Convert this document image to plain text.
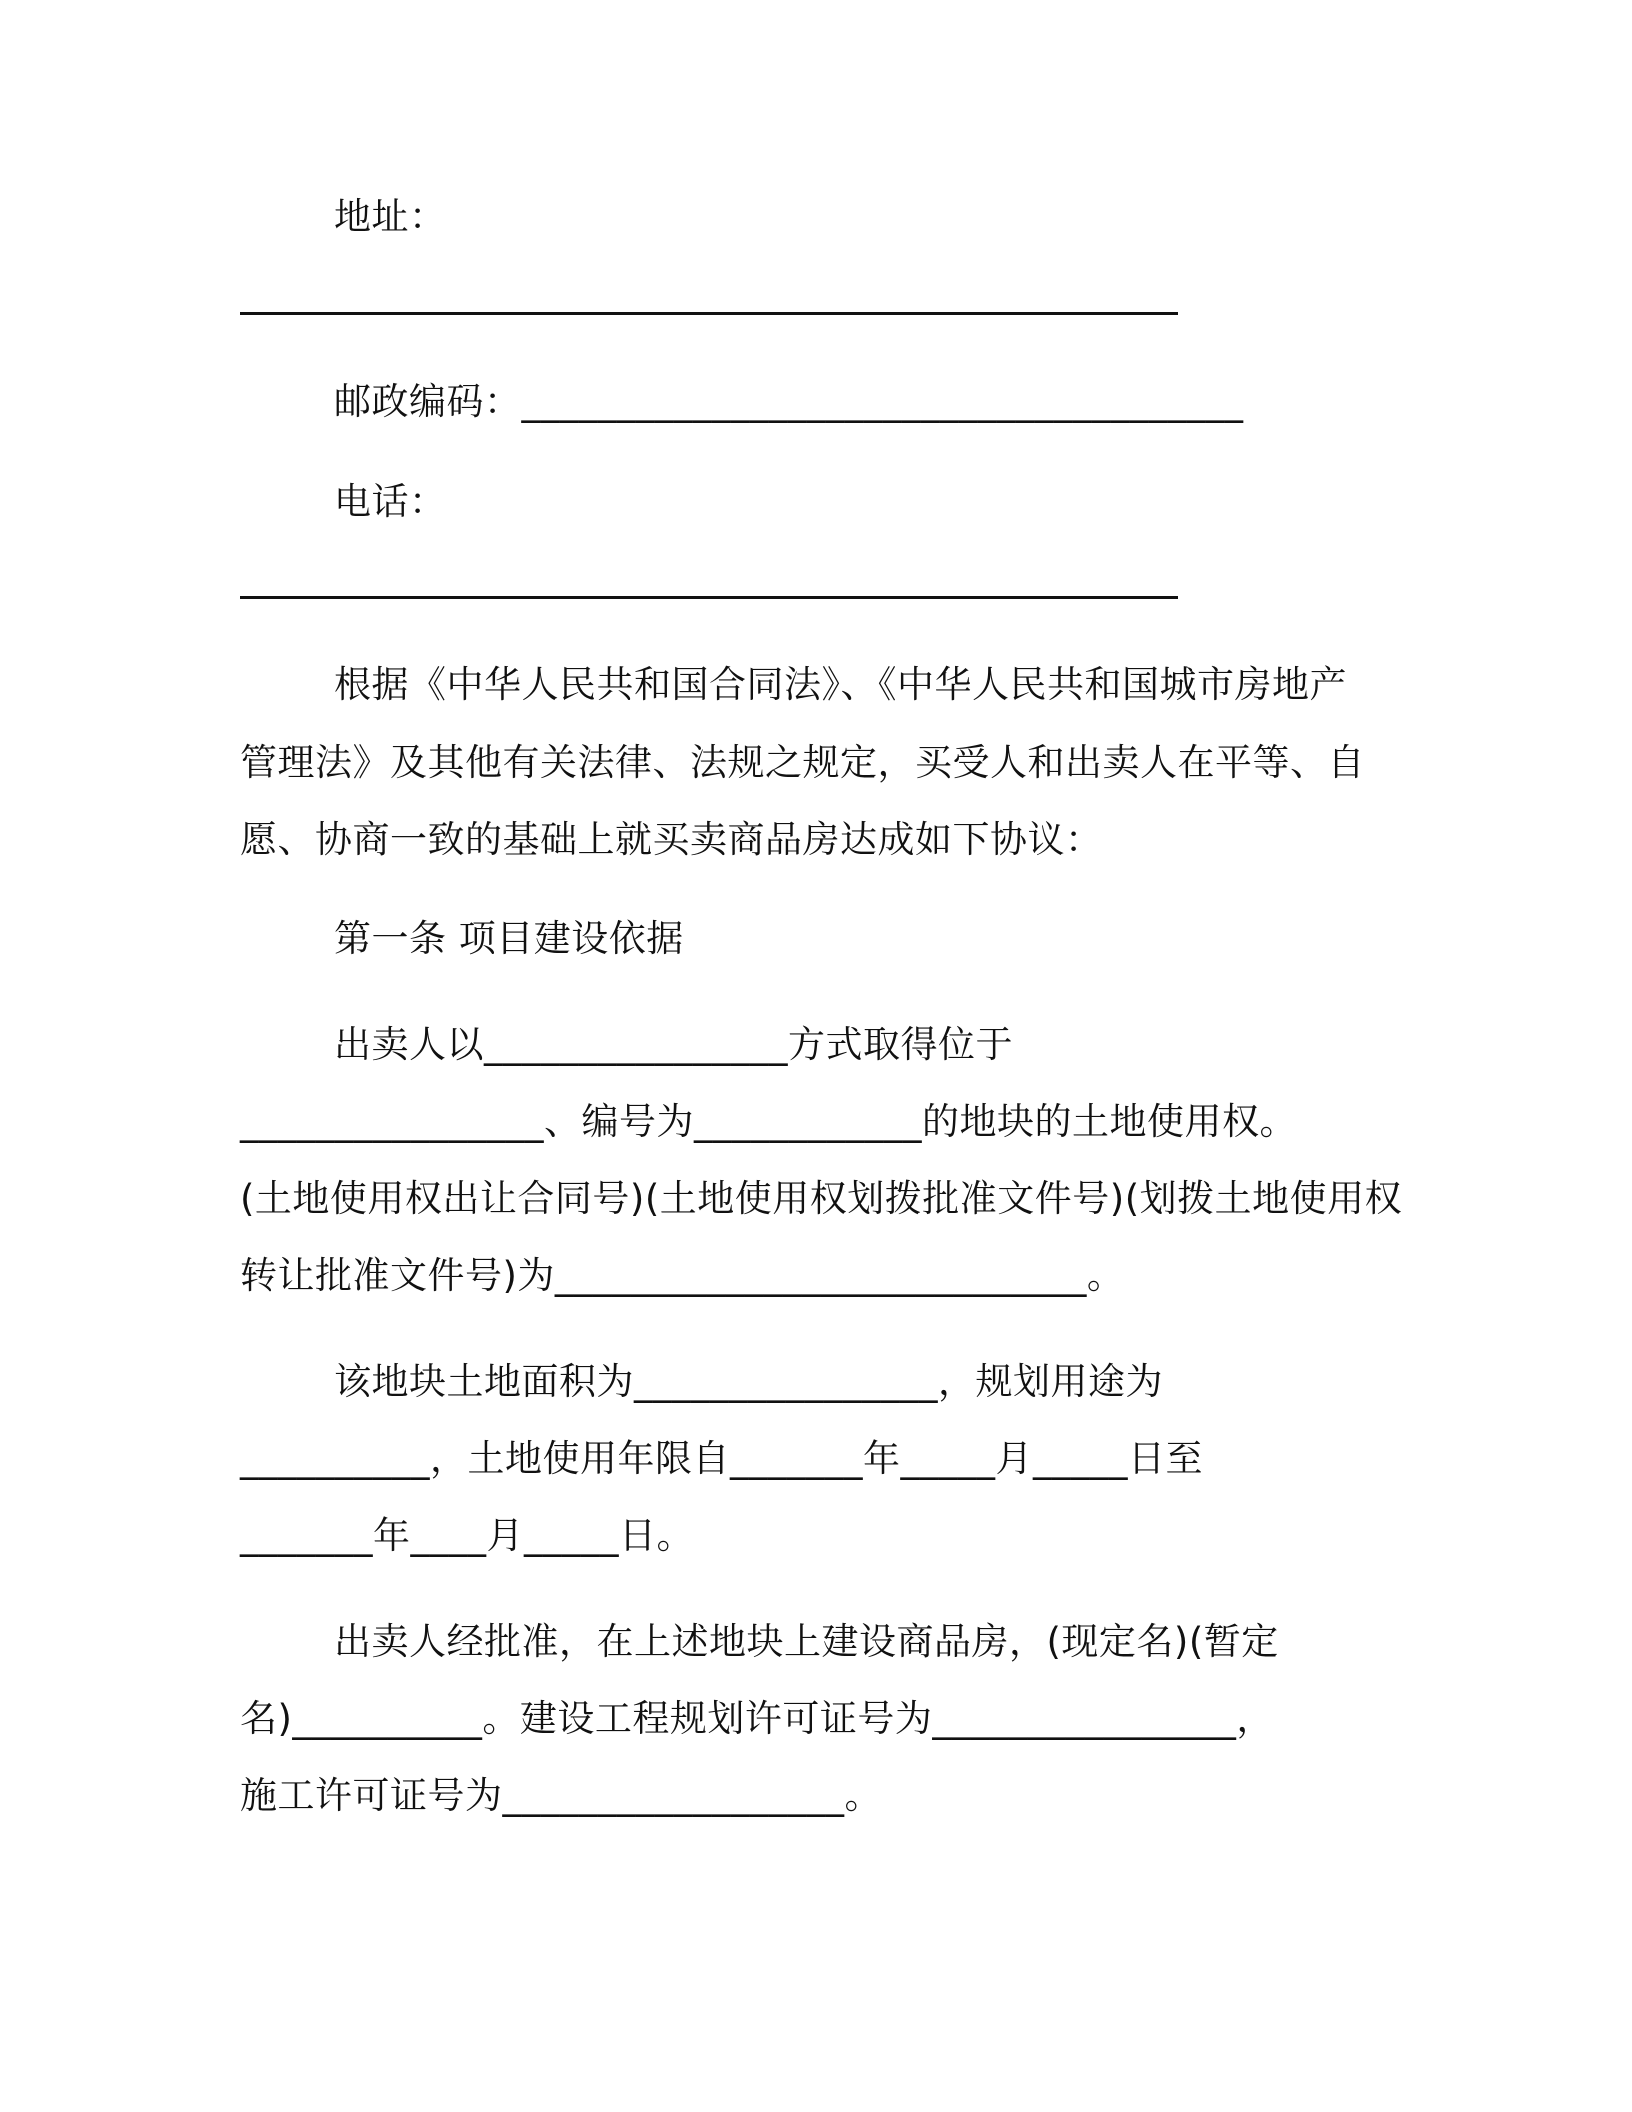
地址：
邮政编码：______________________________________
电话：
根据《中华人民共和国合同法》、《中华人民共和国城市房地产
管理法》及其他有关法律、法规之规定，买受人和出卖人在平等、自
愿、协商一致的基础上就买卖商品房达成如下协议：
第一条 项目建设依据
出卖人以________________方式取得位于
________________、编号为____________的地块的土地使用权。
(土地使用权出让合同号)(土地使用权划拨批准文件号)(划拨土地使用权
转让批准文件号)为____________________________。
该地块土地面积为________________，规划用途为
__________，土地使用年限自_______年_____月_____日至
_______年____月_____日。
出卖人经批准，在上述地块上建设商品房，(现定名)(暂定
名)__________。建设工程规划许可证号为________________，
施工许可证号为__________________。
